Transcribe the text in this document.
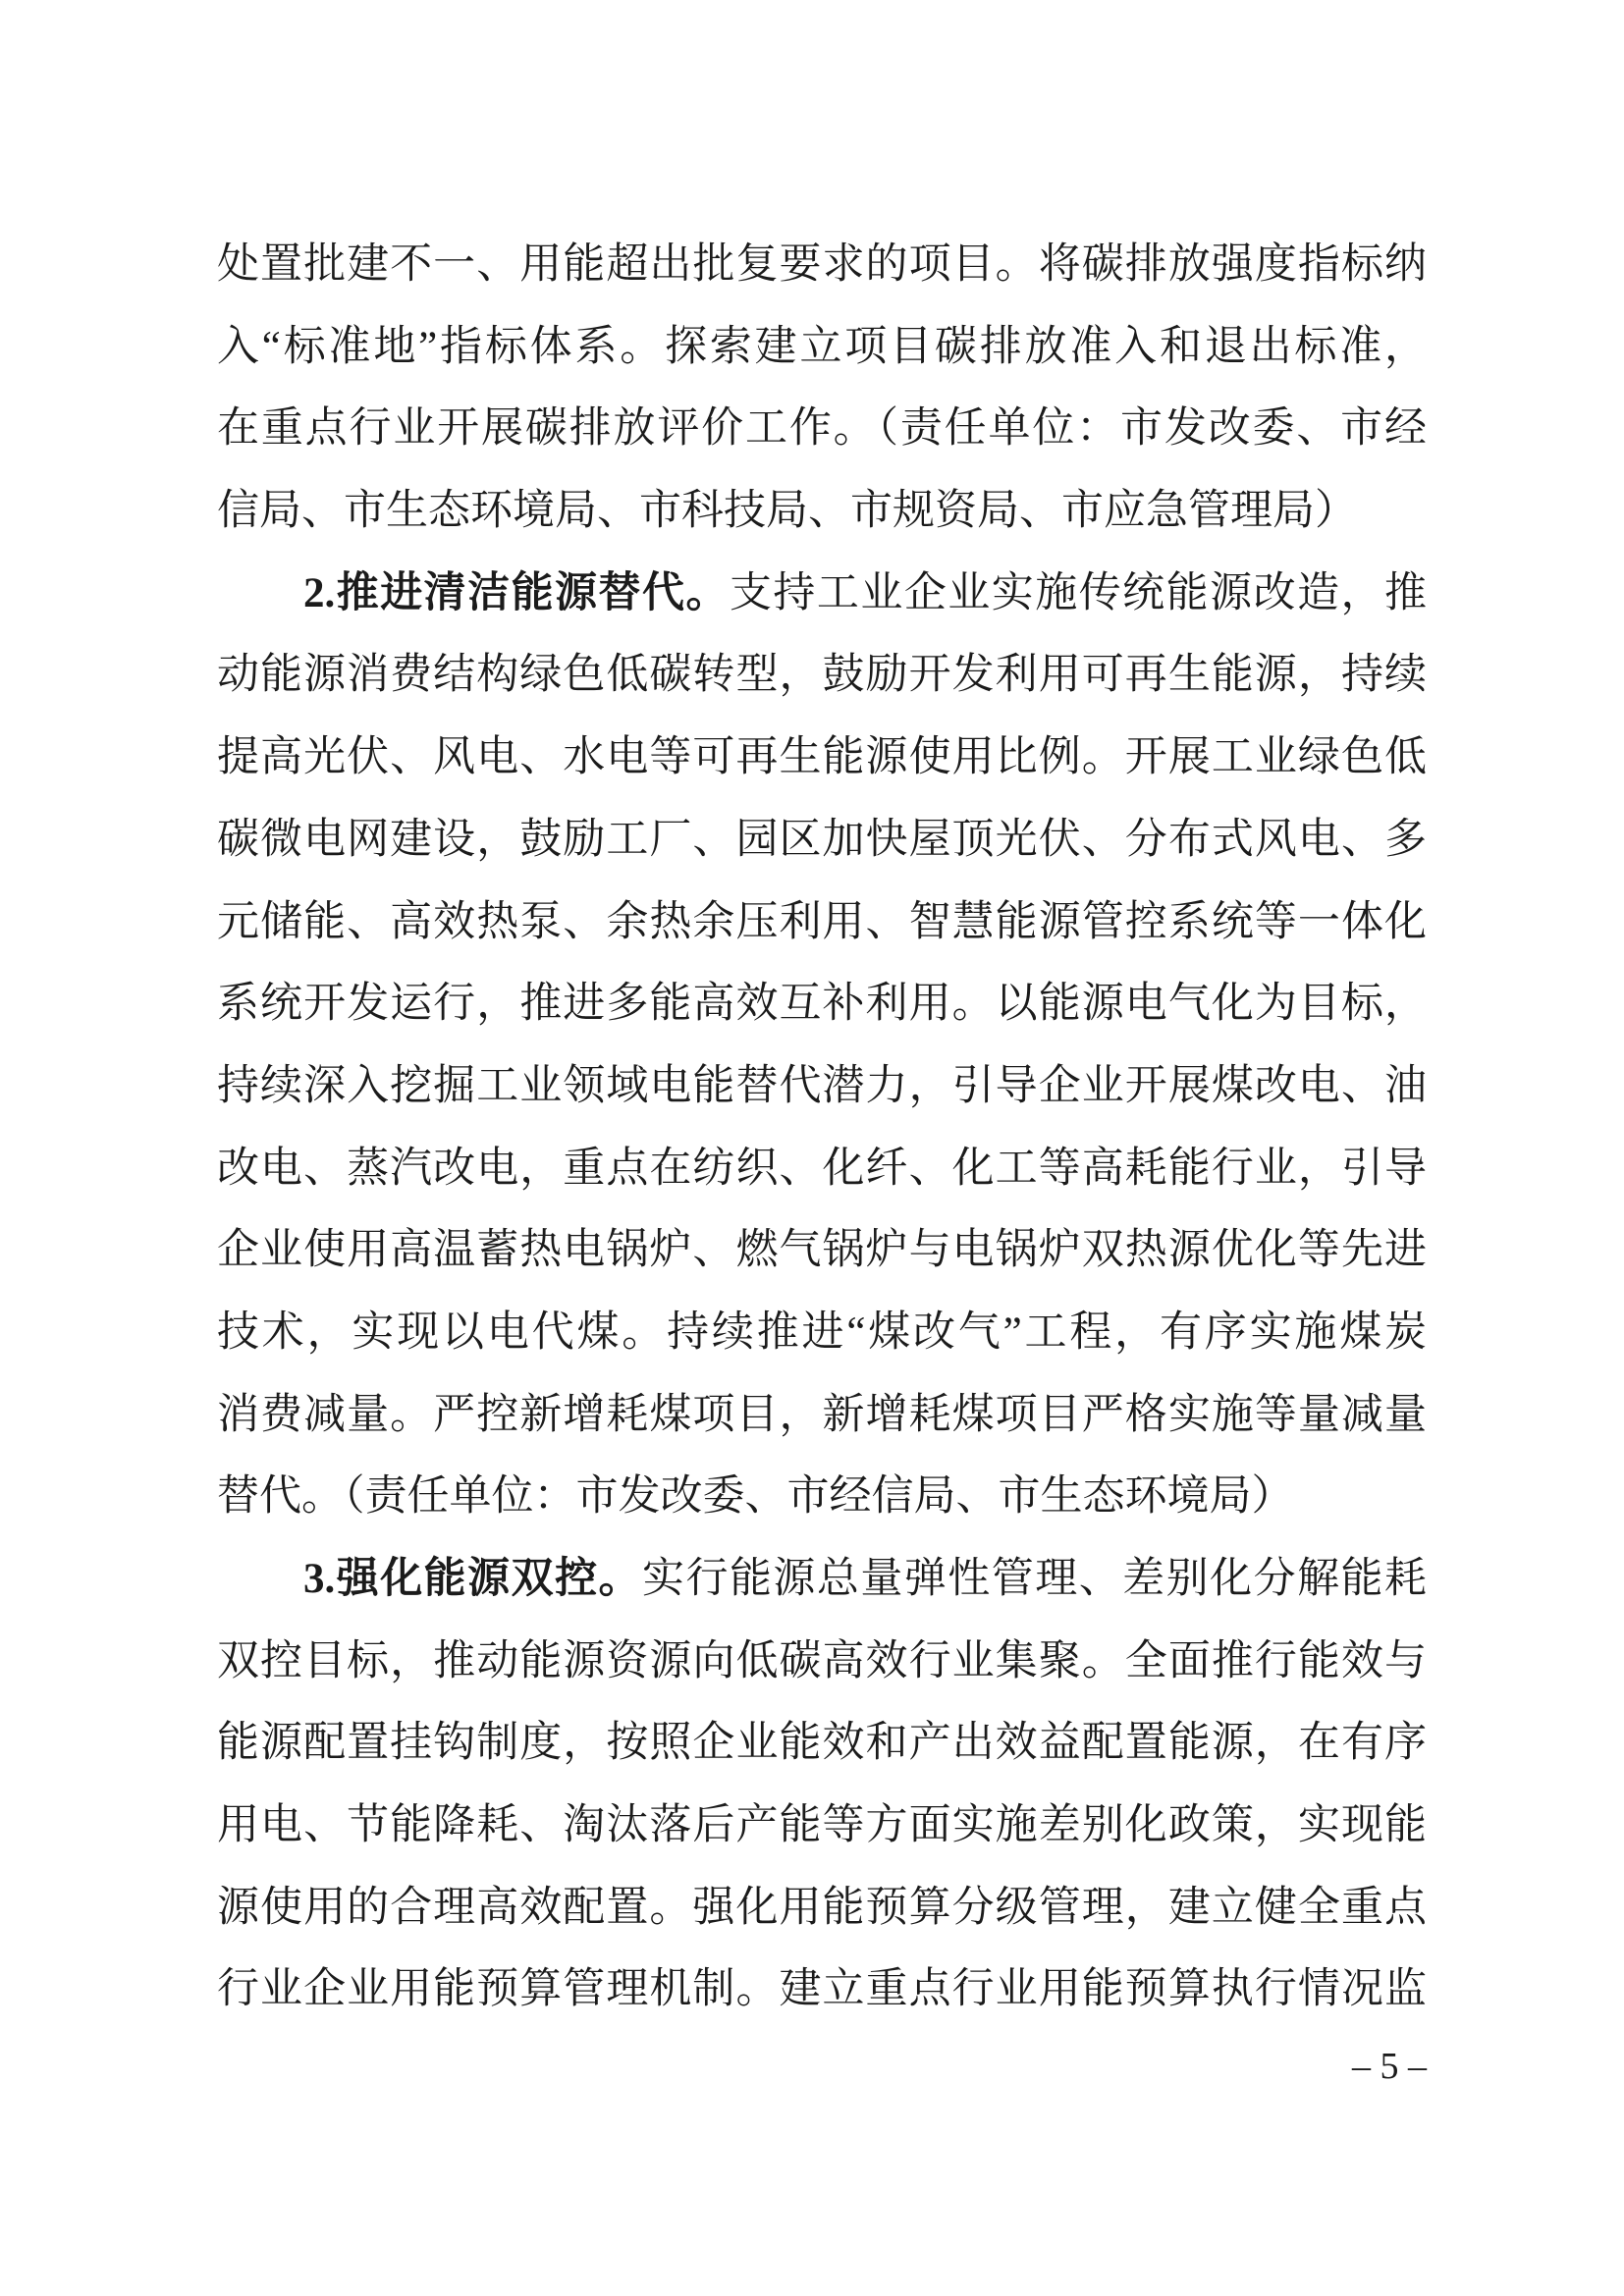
处置批建不一、用能超出批复要求的项目。将碳排放强度指标纳
入“标准地”指标体系。探索建立项目碳排放准入和退出标准，
在重点行业开展碳排放评价工作。（责任单位：市发改委、市经
信局、市生态环境局、市科技局、市规资局、市应急管理局）
2.推进清洁能源替代。支持工业企业实施传统能源改造，推
动能源消费结构绿色低碳转型，鼓励开发利用可再生能源，持续
提高光伏、风电、水电等可再生能源使用比例。开展工业绿色低
碳微电网建设，鼓励工厂、园区加快屋顶光伏、分布式风电、多
元储能、高效热泵、余热余压利用、智慧能源管控系统等一体化
系统开发运行，推进多能高效互补利用。以能源电气化为目标，
持续深入挖掘工业领域电能替代潜力，引导企业开展煤改电、油
改电、蒸汽改电，重点在纺织、化纤、化工等高耗能行业，引导
企业使用高温蓄热电锅炉、燃气锅炉与电锅炉双热源优化等先进
技术，实现以电代煤。持续推进“煤改气”工程，有序实施煤炭
消费减量。严控新增耗煤项目，新增耗煤项目严格实施等量减量
替代。（责任单位：市发改委、市经信局、市生态环境局）
3.强化能源双控。实行能源总量弹性管理、差别化分解能耗
双控目标，推动能源资源向低碳高效行业集聚。全面推行能效与
能源配置挂钩制度，按照企业能效和产出效益配置能源，在有序
用电、节能降耗、淘汰落后产能等方面实施差别化政策，实现能
源使用的合理高效配置。强化用能预算分级管理，建立健全重点
行业企业用能预算管理机制。建立重点行业用能预算执行情况监
– 5 –
